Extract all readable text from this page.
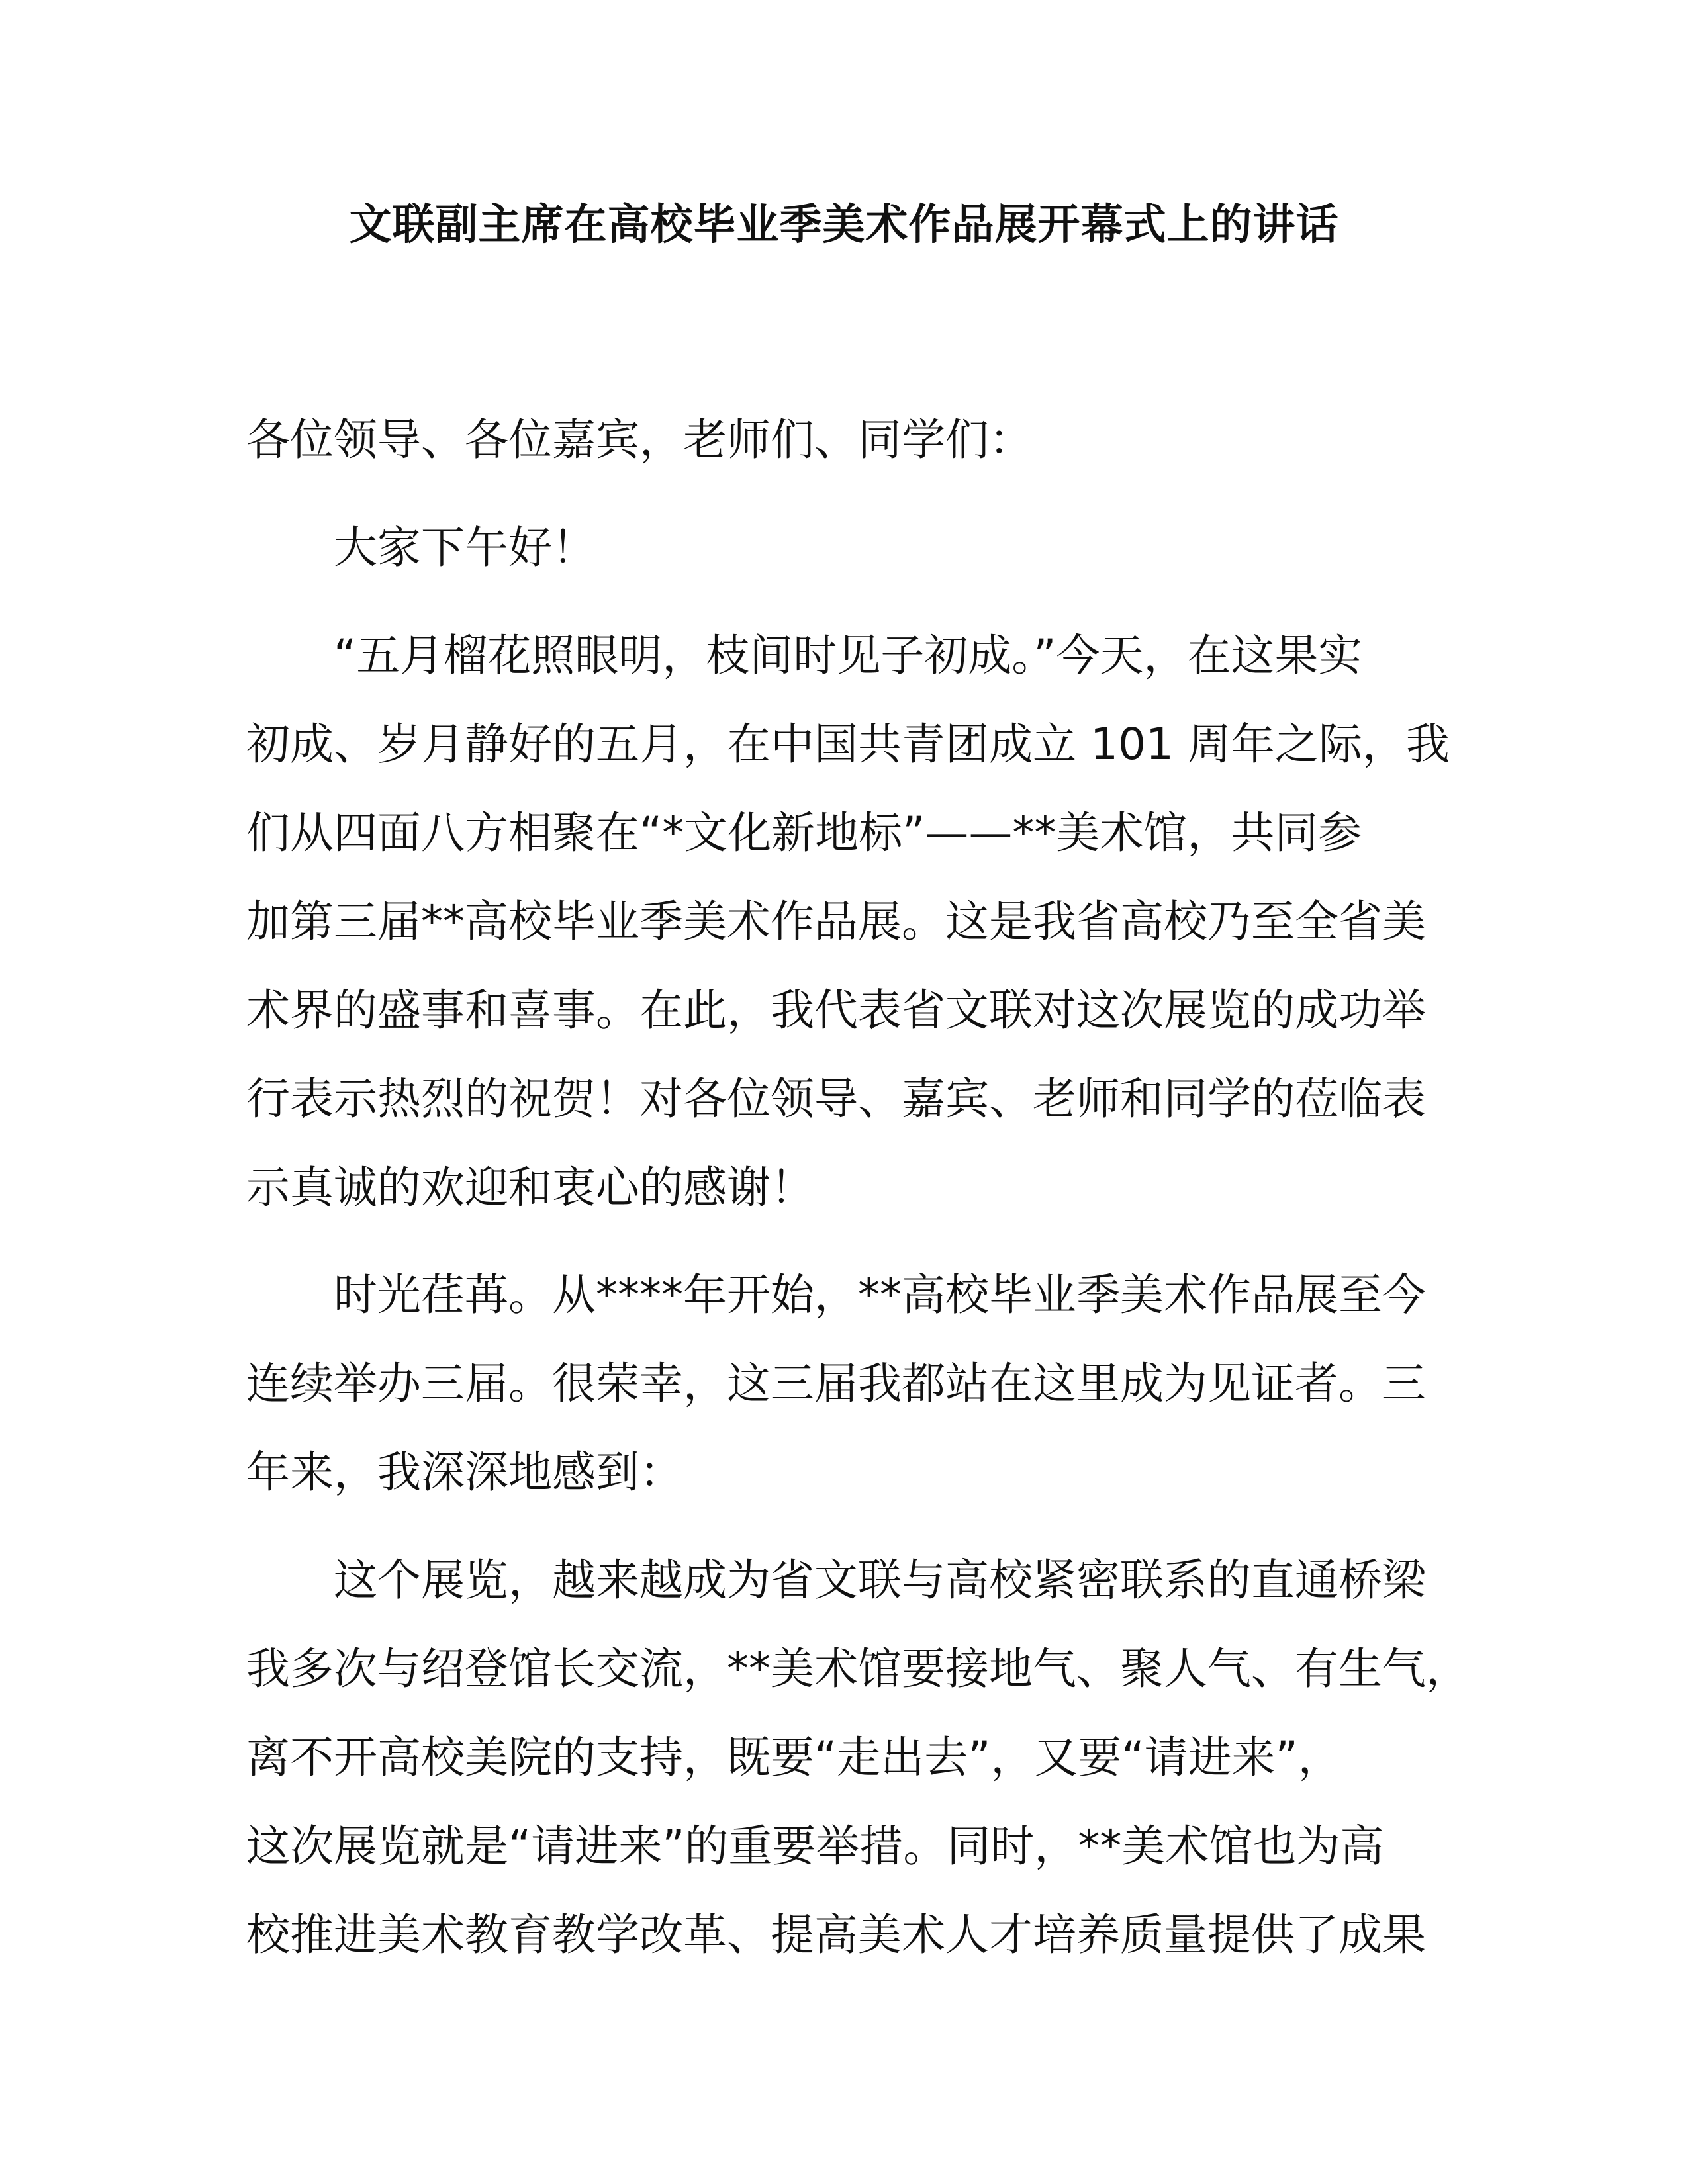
文联副主席在高校毕业季美术作品展开幕式上的讲话
各位领导、各位嘉宾，老师们、同学们：
大家下午好！
“五月榴花照眼明，枝间时见子初成。”今天，在这果实
初成、岁月静好的五月，在中国共青团成立 101 周年之际，我
们从四面八方相聚在“*文化新地标”——**美术馆，共同参
加第三届**高校毕业季美术作品展。这是我省高校乃至全省美
术界的盛事和喜事。在此，我代表省文联对这次展览的成功举
行表示热烈的祝贺！对各位领导、嘉宾、老师和同学的莅临表
示真诚的欢迎和衷心的感谢！
时光荏苒。从****年开始，**高校毕业季美术作品展至今
连续举办三届。很荣幸，这三届我都站在这里成为见证者。三
年来，我深深地感到：
这个展览，越来越成为省文联与高校紧密联系的直通桥梁
我多次与绍登馆长交流，**美术馆要接地气、聚人气、有生气，
离不开高校美院的支持，既要“走出去”，又要“请进来”，
这次展览就是“请进来”的重要举措。同时，**美术馆也为高
校推进美术教育教学改革、提高美术人才培养质量提供了成果
